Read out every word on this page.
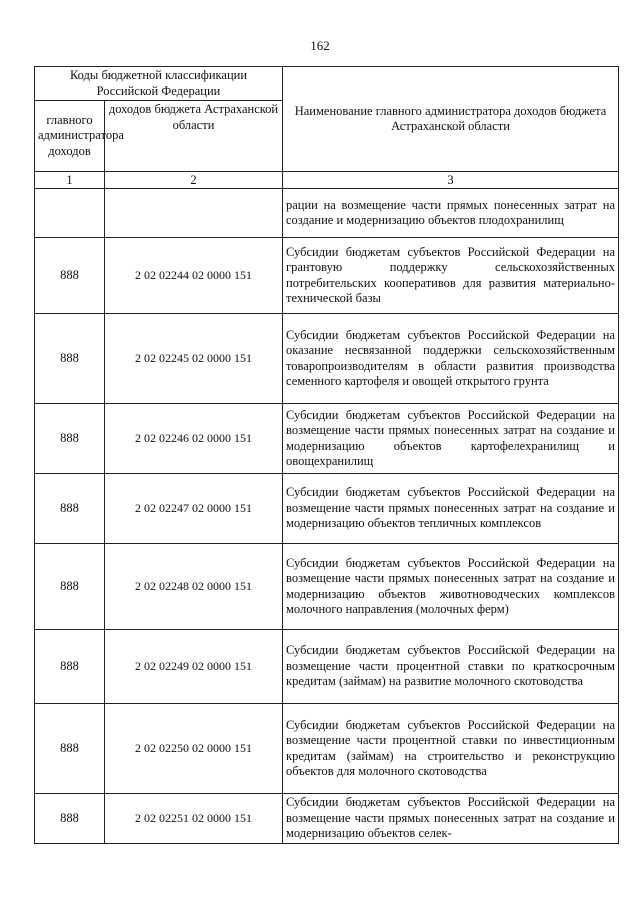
162
Коды бюджетной классификации Российской Федерации		Наименование главного администратора доходов бюджета Астраханской области
главного администратора доходов	доходов бюджета Астраханской области	
1	2	3
		рации на возмещение части прямых понесенных затрат на создание и модернизацию объектов плодохранилищ
888	2 02 02244 02 0000 151	Субсидии бюджетам субъектов Российской Федерации на грантовую поддержку сельскохозяйственных потребительских кооперативов для развития материально-технической базы
888	2 02 02245 02 0000 151	Субсидии бюджетам субъектов Российской Федерации на оказание несвязанной поддержки сельскохозяйственным товаропроизводителям в области развития производства семенного картофеля и овощей открытого грунта
888	2 02 02246 02 0000 151	Субсидии бюджетам субъектов Российской Федерации на возмещение части прямых понесенных затрат на создание и модернизацию объектов картофелехранилищ и овощехранилищ
888	2 02 02247 02 0000 151	Субсидии бюджетам субъектов Российской Федерации на возмещение части прямых понесенных затрат на создание и модернизацию объектов тепличных комплексов
888	2 02 02248 02 0000 151	Субсидии бюджетам субъектов Российской Федерации на возмещение части прямых понесенных затрат на создание и модернизацию объектов животноводческих комплексов молочного направления (молочных ферм)
888	2 02 02249 02 0000 151	Субсидии бюджетам субъектов Российской Федерации на возмещение части процентной ставки по краткосрочным кредитам (займам) на развитие молочного скотоводства
888	2 02 02250 02 0000 151	Субсидии бюджетам субъектов Российской Федерации на возмещение части процентной ставки по инвестиционным кредитам (займам) на строительство и реконструкцию объектов для молочного скотоводства
888	2 02 02251 02 0000 151	Субсидии бюджетам субъектов Российской Федерации на возмещение части прямых понесенных затрат на создание и модернизацию объектов селек-
